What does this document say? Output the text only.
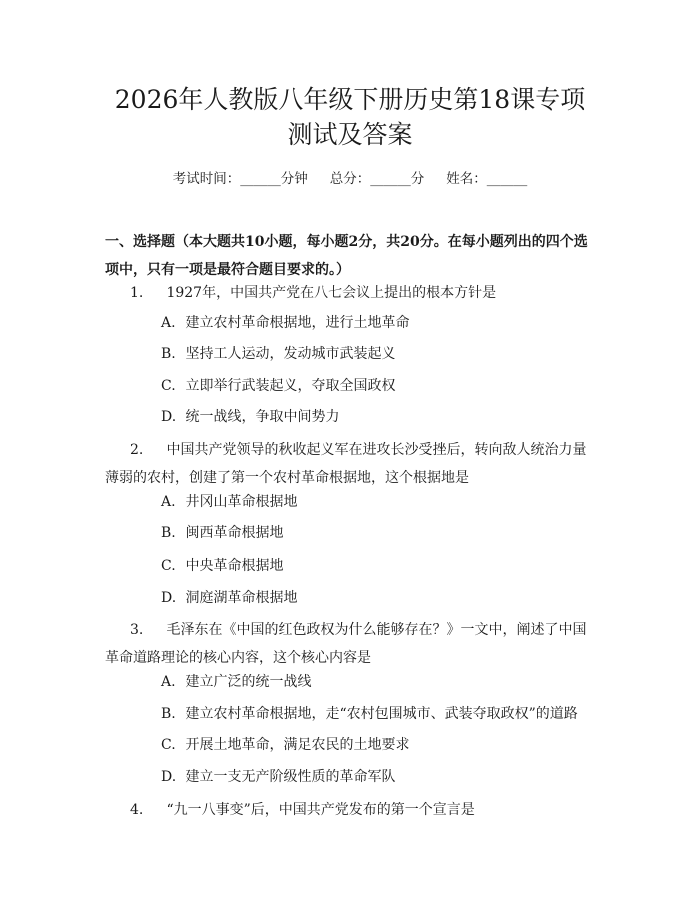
2026年人教版八年级下册历史第18课专项
测试及答案
考试时间：______分钟 总分：______分 姓名：______
一、选择题（本大题共10小题，每小题2分，共20分。在每小题列出的四个选项中，只有一项是最符合题目要求的。）
1. 1927年，中国共产党在八七会议上提出的根本方针是
A. 建立农村革命根据地，进行土地革命
B. 坚持工人运动，发动城市武装起义
C. 立即举行武装起义，夺取全国政权
D. 统一战线，争取中间势力
2. 中国共产党领导的秋收起义军在进攻长沙受挫后，转向敌人统治力量薄弱的农村，创建了第一个农村革命根据地，这个根据地是
A. 井冈山革命根据地
B. 闽西革命根据地
C. 中央革命根据地
D. 洞庭湖革命根据地
3. 毛泽东在《中国的红色政权为什么能够存在？》一文中，阐述了中国革命道路理论的核心内容，这个核心内容是
A. 建立广泛的统一战线
B. 建立农村革命根据地，走“农村包围城市、武装夺取政权”的道路
C. 开展土地革命，满足农民的土地要求
D. 建立一支无产阶级性质的革命军队
4. “九一八事变”后，中国共产党发布的第一个宣言是
